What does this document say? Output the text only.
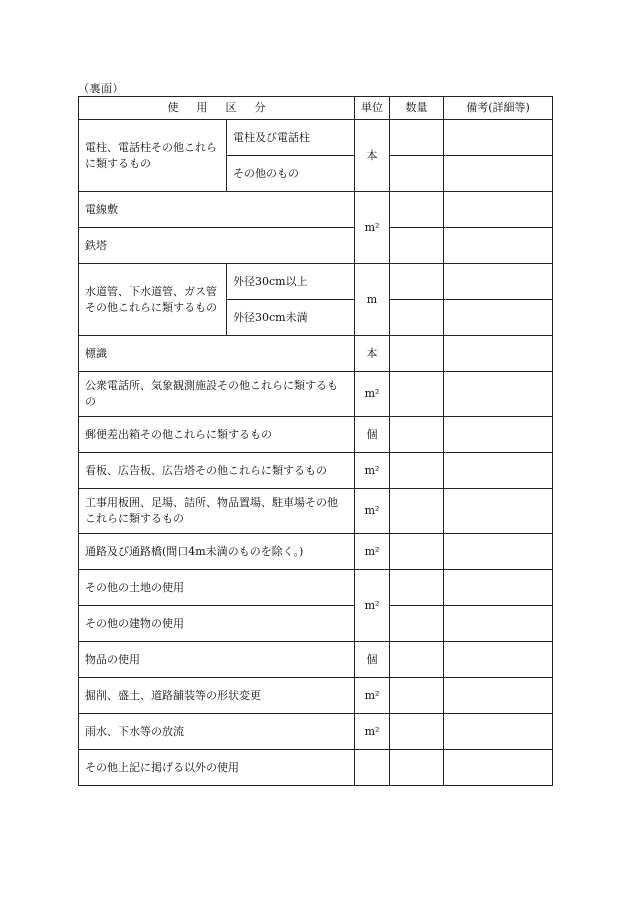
（裏面）
使用区分		単位	数量	備考(詳細等)
電柱、電話柱その他これらに類するもの	電柱及び電話柱	本		
	その他のもの			
電線敷		m²		
鉄塔				
水道管、下水道管、ガス管その他これらに類するもの	外径30cm以上	m		
	外径30cm未満			
標識		本		
公衆電話所、気象観測施設その他これらに類するもの		m²		
郵便差出箱その他これらに類するもの		個		
看板、広告板、広告塔その他これらに類するもの		m²		
工事用板囲、足場、詰所、物品置場、駐車場その他これらに類するもの		m²		
通路及び通路橋(間口4m未満のものを除く。)		m²		
その他の土地の使用		m²		
その他の建物の使用				
物品の使用		個		
掘削、盛土、道路舗装等の形状変更		m²		
雨水、下水等の放流		m²		
その他上記に掲げる以外の使用				
